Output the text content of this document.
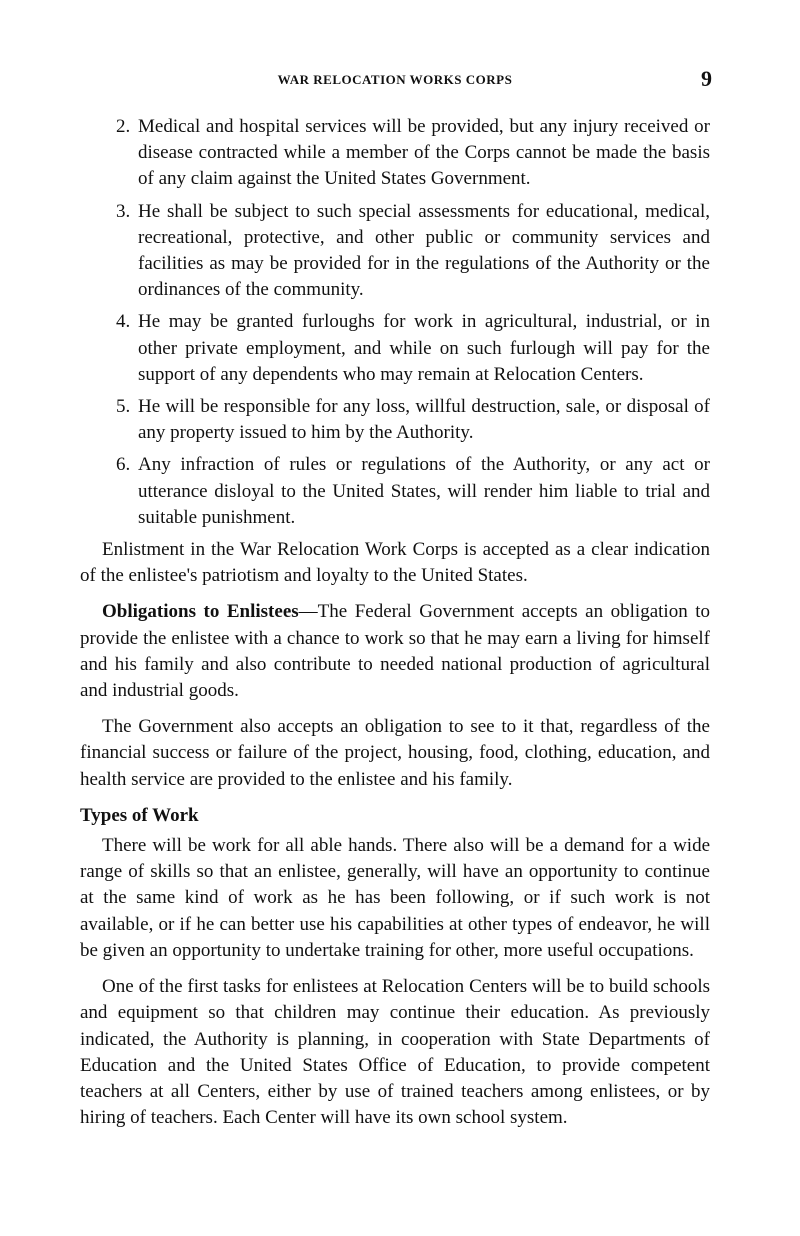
WAR RELOCATION WORKS CORPS	9
2. Medical and hospital services will be provided, but any injury received or disease contracted while a member of the Corps cannot be made the basis of any claim against the United States Government.
3. He shall be subject to such special assessments for educational, medical, recreational, protective, and other public or community services and facilities as may be provided for in the regulations of the Authority or the ordinances of the community.
4. He may be granted furloughs for work in agricultural, industrial, or in other private employment, and while on such furlough will pay for the support of any dependents who may remain at Relocation Centers.
5. He will be responsible for any loss, willful destruction, sale, or disposal of any property issued to him by the Authority.
6. Any infraction of rules or regulations of the Authority, or any act or utterance disloyal to the United States, will render him liable to trial and suitable punishment.

Enlistment in the War Relocation Work Corps is accepted as a clear indication of the enlistee's patriotism and loyalty to the United States.

Obligations to Enlistees—The Federal Government accepts an obligation to provide the enlistee with a chance to work so that he may earn a living for himself and his family and also contribute to needed national production of agricultural and industrial goods.

The Government also accepts an obligation to see to it that, regardless of the financial success or failure of the project, housing, food, clothing, education, and health service are provided to the enlistee and his family.

Types of Work

There will be work for all able hands. There also will be a demand for a wide range of skills so that an enlistee, generally, will have an opportunity to continue at the same kind of work as he has been following, or if such work is not available, or if he can better use his capabilities at other types of endeavor, he will be given an opportunity to undertake training for other, more useful occupations.

One of the first tasks for enlistees at Relocation Centers will be to build schools and equipment so that children may continue their education. As previously indicated, the Authority is planning, in cooperation with State Departments of Education and the United States Office of Education, to provide competent teachers at all Centers, either by use of trained teachers among enlistees, or by hiring of teachers. Each Center will have its own school system.
